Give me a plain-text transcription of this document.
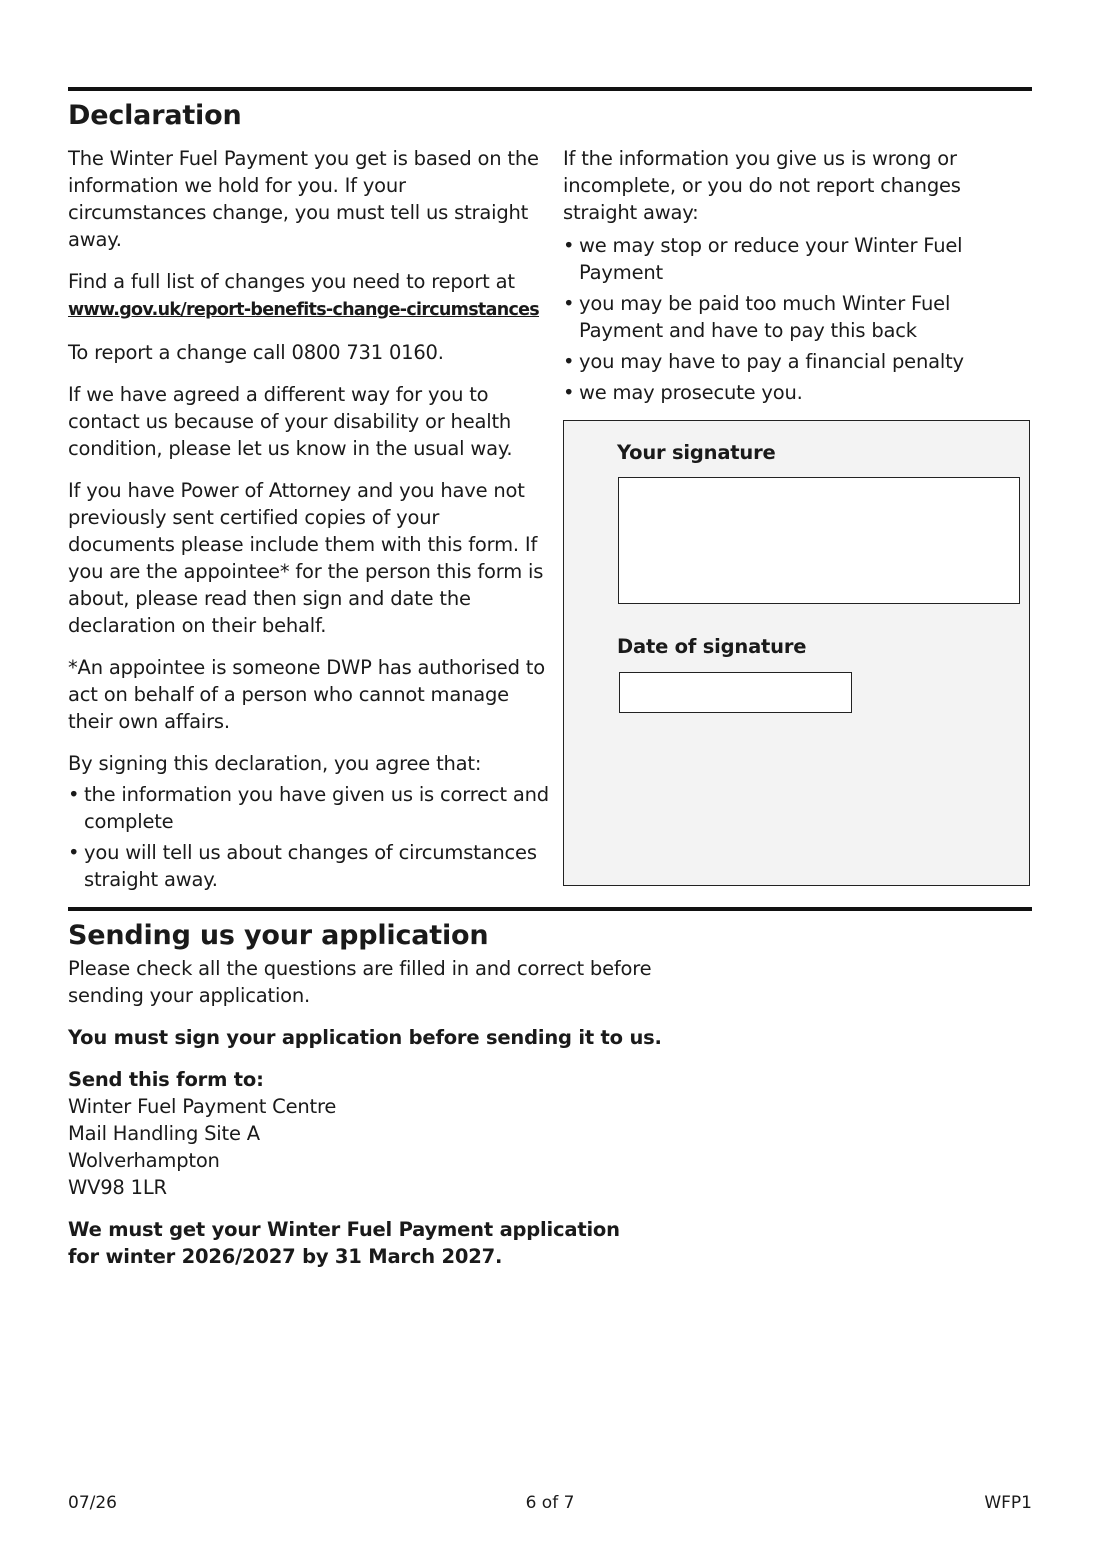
Declaration

The Winter Fuel Payment you get is based on the information we hold for you. If your circumstances change, you must tell us straight away.

Find a full list of changes you need to report at
www.gov.uk/report-benefits-change-circumstances

To report a change call 0800 731 0160.

If we have agreed a different way for you to contact us because of your disability or health condition, please let us know in the usual way.

If you have Power of Attorney and you have not previously sent certified copies of your documents please include them with this form. If you are the appointee* for the person this form is about, please read then sign and date the declaration on their behalf.

*An appointee is someone DWP has authorised to act on behalf of a person who cannot manage their own affairs.

By signing this declaration, you agree that:

• the information you have given us is correct and complete
• you will tell us about changes of circumstances straight away.

If the information you give us is wrong or incomplete, or you do not report changes straight away:

• we may stop or reduce your Winter Fuel Payment
• you may be paid too much Winter Fuel Payment and have to pay this back
• you may have to pay a financial penalty
• we may prosecute you.
Your signature
Date of signature
Sending us your application

Please check all the questions are filled in and correct before sending your application.

You must sign your application before sending it to us.

Send this form to:

Winter Fuel Payment Centre
Mail Handling Site A
Wolverhampton
WV98 1LR

We must get your Winter Fuel Payment application for winter 2026/2027 by 31 March 2027.

07/26	6 of 7	WFP1
